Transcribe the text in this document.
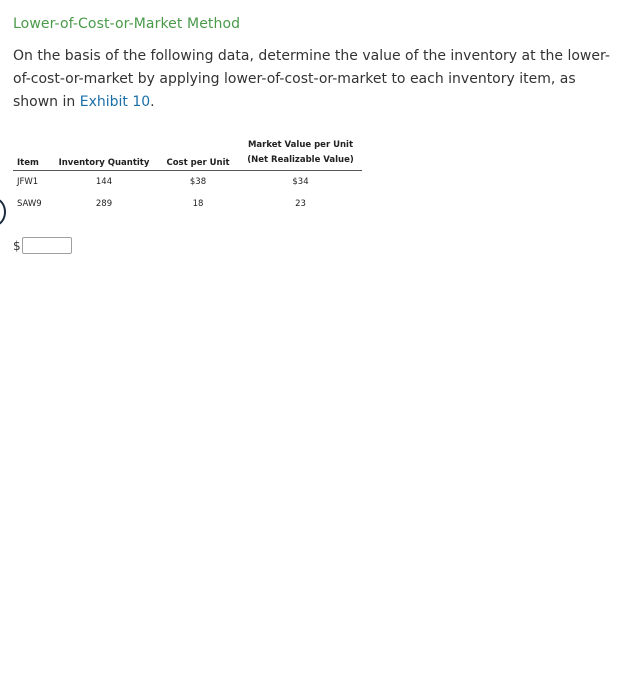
Lower-of-Cost-or-Market Method
On the basis of the following data, determine the value of the inventory at the lower-of-cost-or-market by applying lower-of-cost-or-market to each inventory item, as shown in Exhibit 10.
Item	Inventory Quantity	Cost per Unit	Market Value per Unit
(Net Realizable Value)
JFW1	144	$38	$34
SAW9	289	18	23
$
